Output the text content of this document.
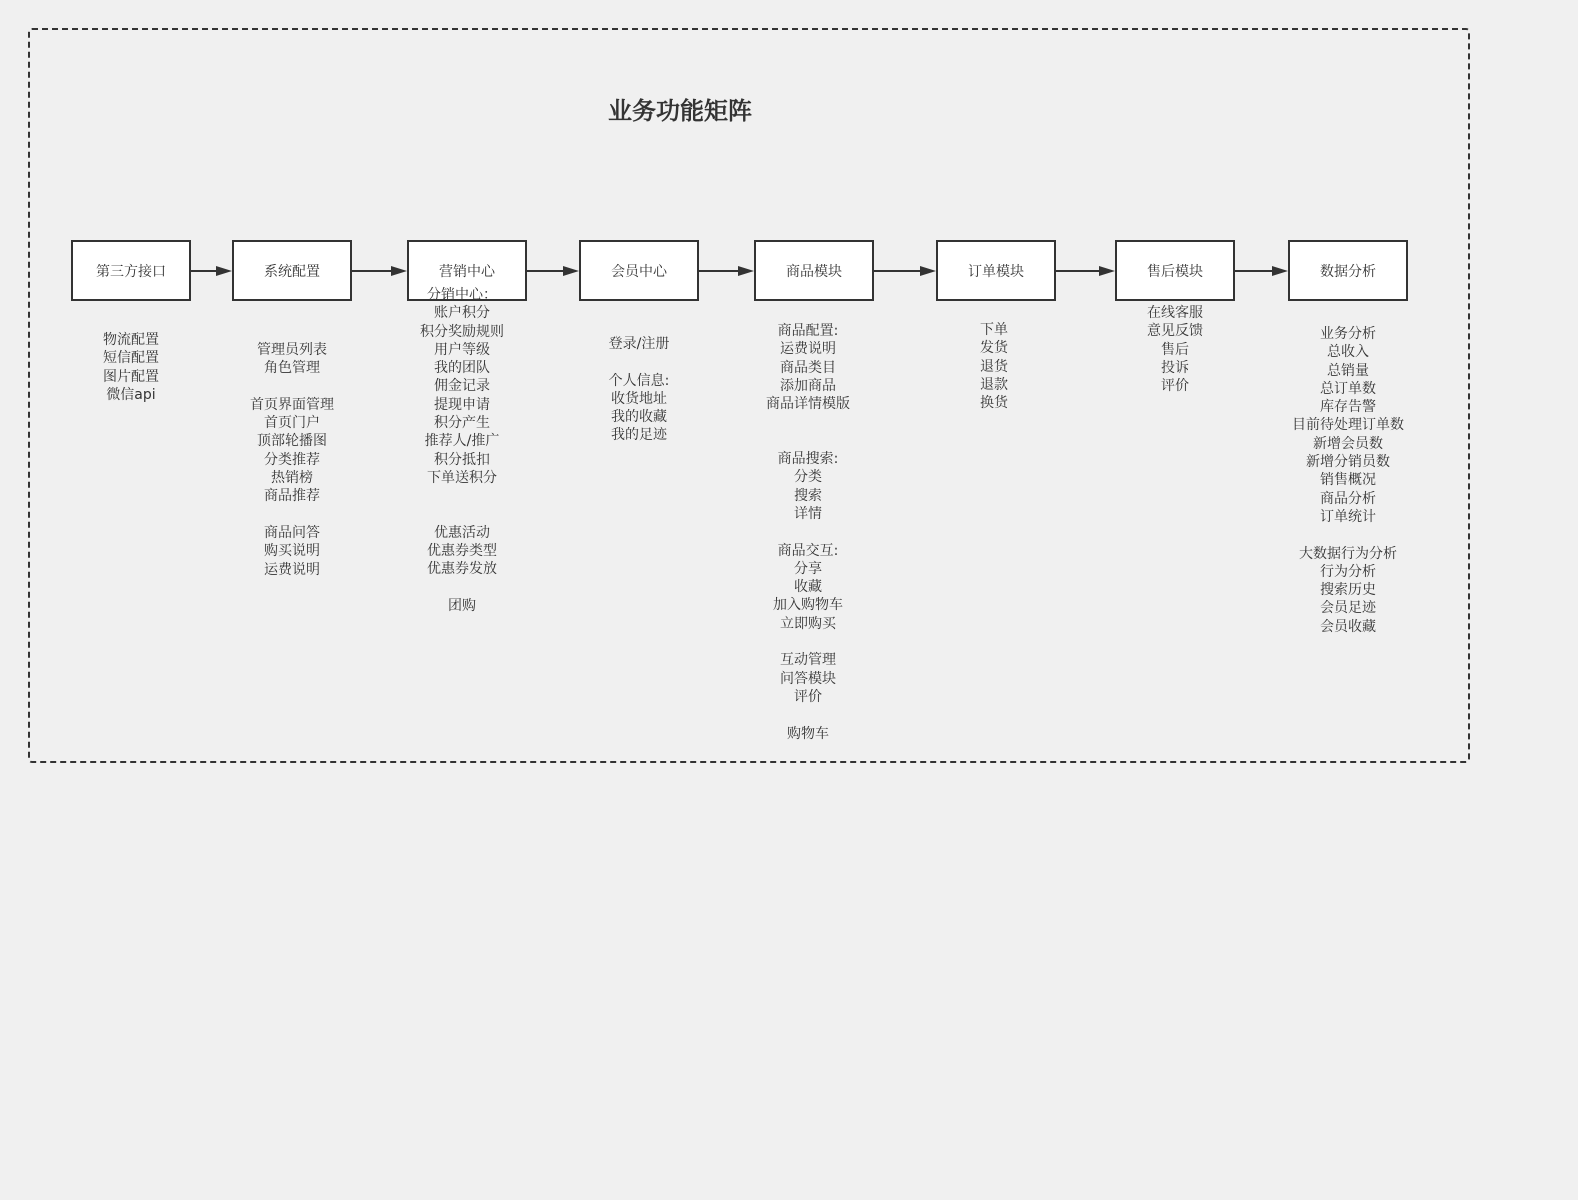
业务功能矩阵
第三方接口	系统配置	营销中心	会员中心	商品模块	订单模块	售后模块	数据分析
物流配置
短信配置
图片配置
微信api
管理员列表
角色管理

首页界面管理
首页门户
顶部轮播图
分类推荐
热销榜
商品推荐

商品问答
购买说明
运费说明
分销中心：
账户积分
积分奖励规则
用户等级
我的团队
佣金记录
提现申请
积分产生
推荐人/推广
积分抵扣
下单送积分

优惠活动
优惠券类型
优惠券发放

团购
登录/注册

个人信息:
收货地址
我的收藏
我的足迹
商品配置:
运费说明
商品类目
添加商品
商品详情模版

商品搜索:
分类
搜索
详情

商品交互:
分享
收藏
加入购物车
立即购买

互动管理
问答模块
评价

购物车
下单
发货
退货
退款
换货
在线客服
意见反馈
售后
投诉
评价
业务分析
总收入
总销量
总订单数
库存告警
目前待处理订单数
新增会员数
新增分销员数
销售概况
商品分析
订单统计

大数据行为分析
行为分析
搜索历史
会员足迹
会员收藏
